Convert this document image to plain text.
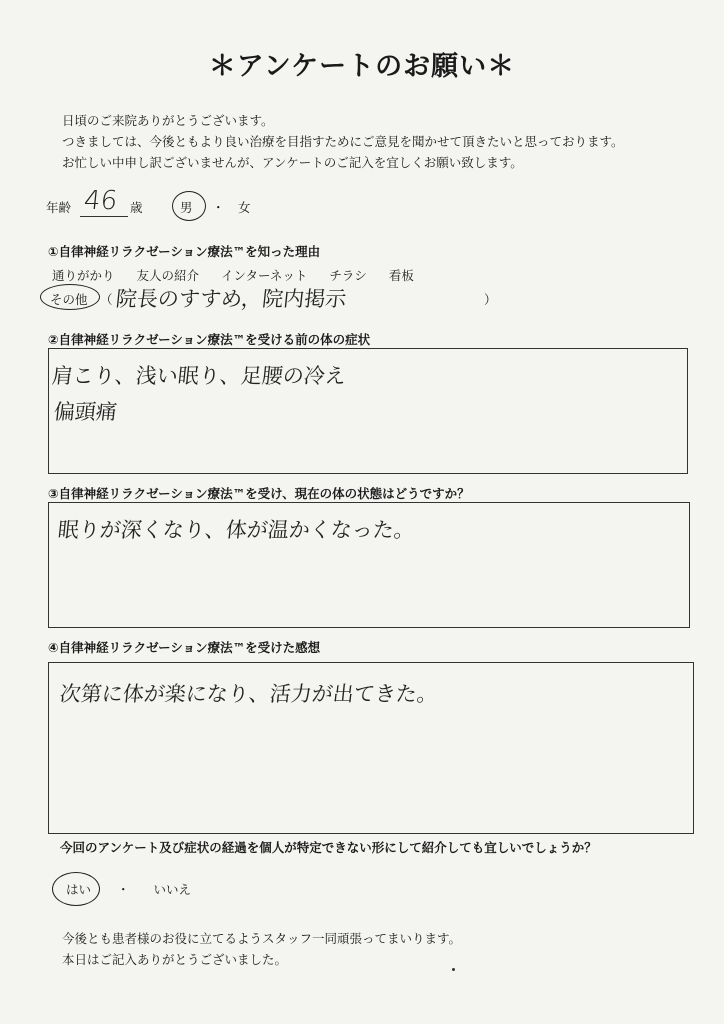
＊アンケートのお願い＊
日頃のご来院ありがとうございます。
つきましては、今後ともより良い治療を目指すためにご意見を聞かせて頂きたいと思っております。
お忙しい中申し訳ございませんが、アンケートのご記入を宜しくお願い致します。
年齢 46 歳	男 ・ 女
①自律神経リラクゼーション療法™を知った理由
通りがかり 友人の紹介 インターネット チラシ 看板
その他 （ 院長のすすめ，院内掲示	）
②自律神経リラクゼーション療法™を受ける前の体の症状
肩こり、浅い眠り、足腰の冷え
偏頭痛
③自律神経リラクゼーション療法™を受け、現在の体の状態はどうですか？
眠りが深くなり、体が温かくなった。
④自律神経リラクゼーション療法™を受けた感想
次第に体が楽になり、活力が出てきた。
今回のアンケート及び症状の経過を個人が特定できない形にして紹介しても宜しいでしょうか？
はい ・ いいえ
今後とも患者様のお役に立てるようスタッフ一同頑張ってまいります。
本日はご記入ありがとうございました。
